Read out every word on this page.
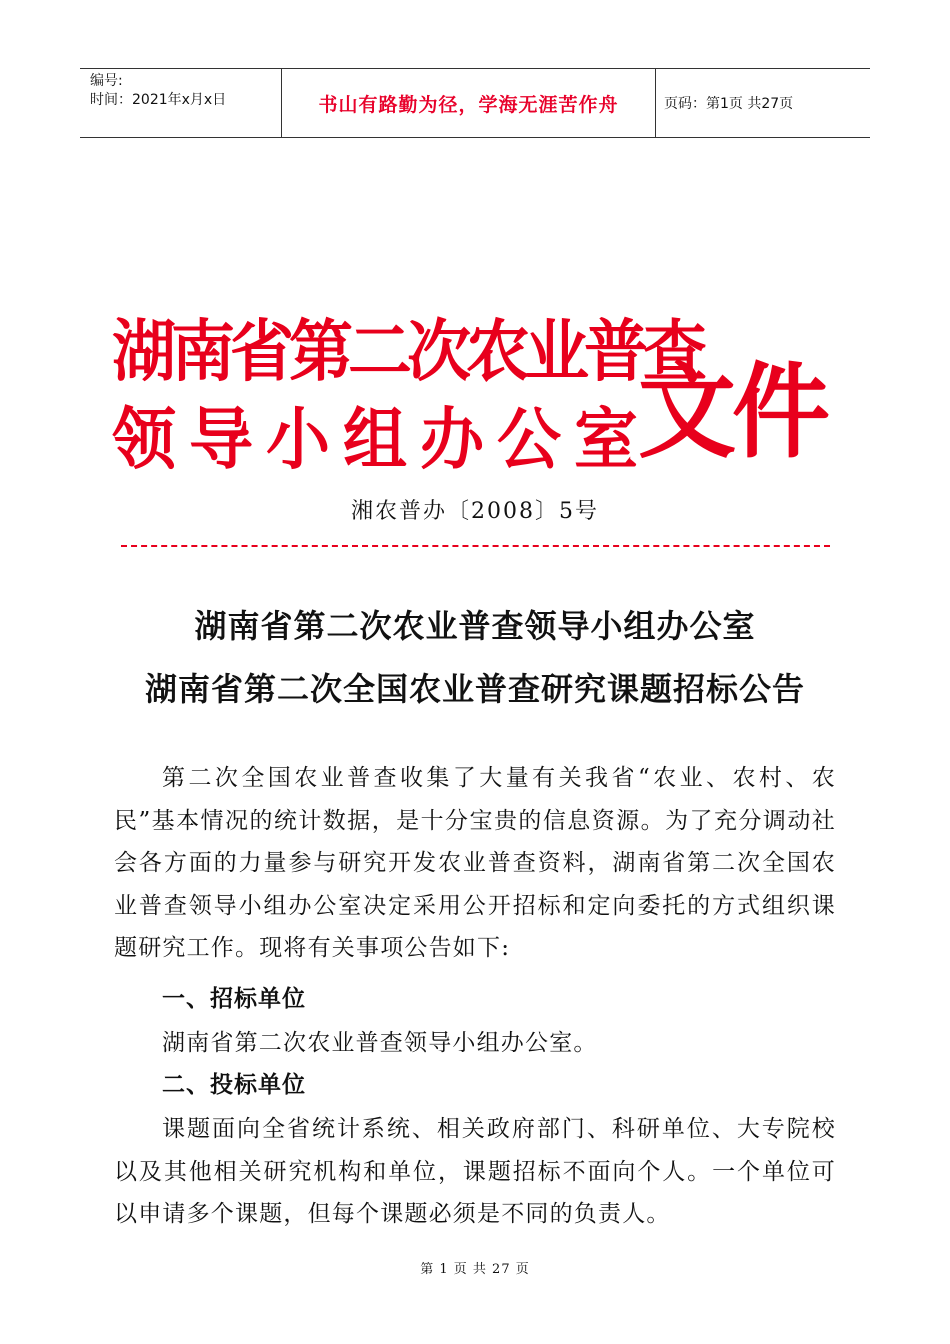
编号:
时间：2021年x月x日	书山有路勤为径，学海无涯苦作舟	页码：第1页 共27页
湖南省第二次农业普查
领导小组办公室
文件
湘农普办〔2008〕5号
湖南省第二次农业普查领导小组办公室
湖南省第二次全国农业普查研究课题招标公告
第二次全国农业普查收集了大量有关我省“农业、农村、农民”基本情况的统计数据，是十分宝贵的信息资源。为了充分调动社会各方面的力量参与研究开发农业普查资料，湖南省第二次全国农业普查领导小组办公室决定采用公开招标和定向委托的方式组织课题研究工作。现将有关事项公告如下:
一、招标单位
湖南省第二次农业普查领导小组办公室。
二、投标单位
课题面向全省统计系统、相关政府部门、科研单位、大专院校以及其他相关研究机构和单位，课题招标不面向个人。一个单位可以申请多个课题，但每个课题必须是不同的负责人。
第 1 页 共 27 页
